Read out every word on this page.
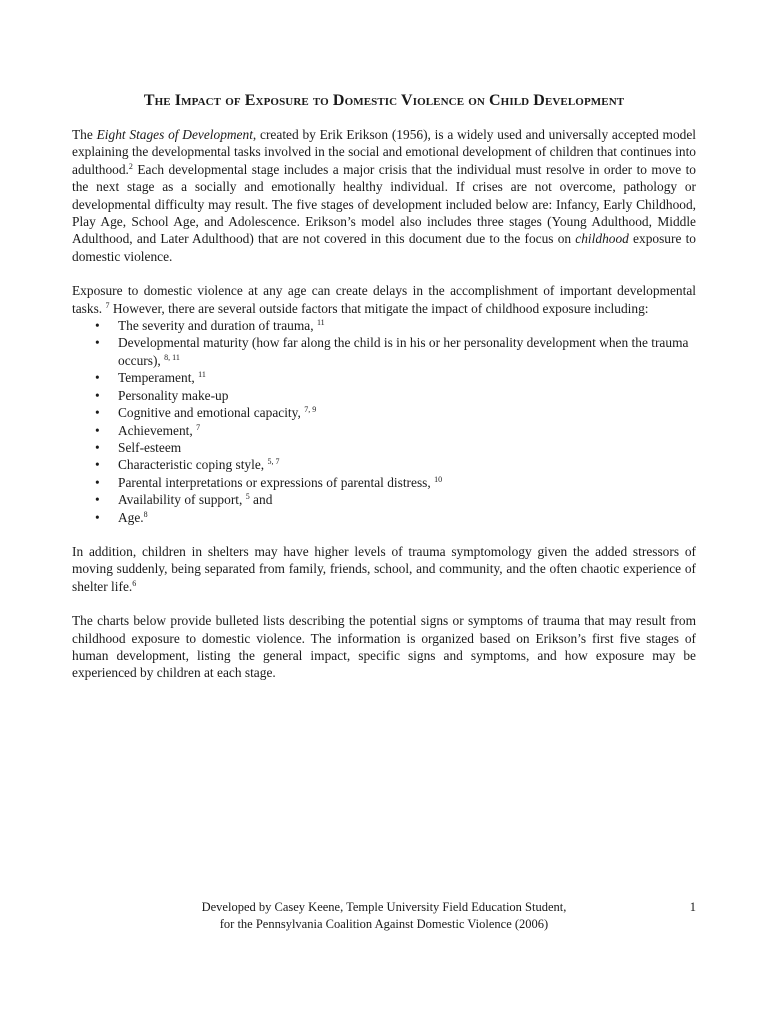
The Impact of Exposure to Domestic Violence on Child Development

The Eight Stages of Development, created by Erik Erikson (1956), is a widely used and universally accepted model explaining the developmental tasks involved in the social and emotional development of children that continues into adulthood.$^2$ Each developmental stage includes a major crisis that the individual must resolve in order to move to the next stage as a socially and emotionally healthy individual. If crises are not overcome, pathology or developmental difficulty may result. The five stages of development included below are: Infancy, Early Childhood, Play Age, School Age, and Adolescence. Erikson’s model also includes three stages (Young Adulthood, Middle Adulthood, and Later Adulthood) that are not covered in this document due to the focus on childhood exposure to domestic violence.

Exposure to domestic violence at any age can create delays in the accomplishment of important developmental tasks. $^7$ However, there are several outside factors that mitigate the impact of childhood exposure including:

• The severity and duration of trauma, $^{11}$
• Developmental maturity (how far along the child is in his or her personality development when the trauma occurs), $^{8, 11}$
• Temperament, $^{11}$
• Personality make-up
• Cognitive and emotional capacity, $^{7, 9}$
• Achievement, $^7$
• Self-esteem
• Characteristic coping style, $^{5, 7}$
• Parental interpretations or expressions of parental distress, $^{10}$
• Availability of support, $^5$ and
• Age.$^8$

In addition, children in shelters may have higher levels of trauma symptomology given the added stressors of moving suddenly, being separated from family, friends, school, and community, and the often chaotic experience of shelter life.$^6$

The charts below provide bulleted lists describing the potential signs or symptoms of trauma that may result from childhood exposure to domestic violence. The information is organized based on Erikson’s first five stages of human development, listing the general impact, specific signs and symptoms, and how exposure may be experienced by children at each stage.

Developed by Casey Keene, Temple University Field Education Student,
for the Pennsylvania Coalition Against Domestic Violence (2006)
1
